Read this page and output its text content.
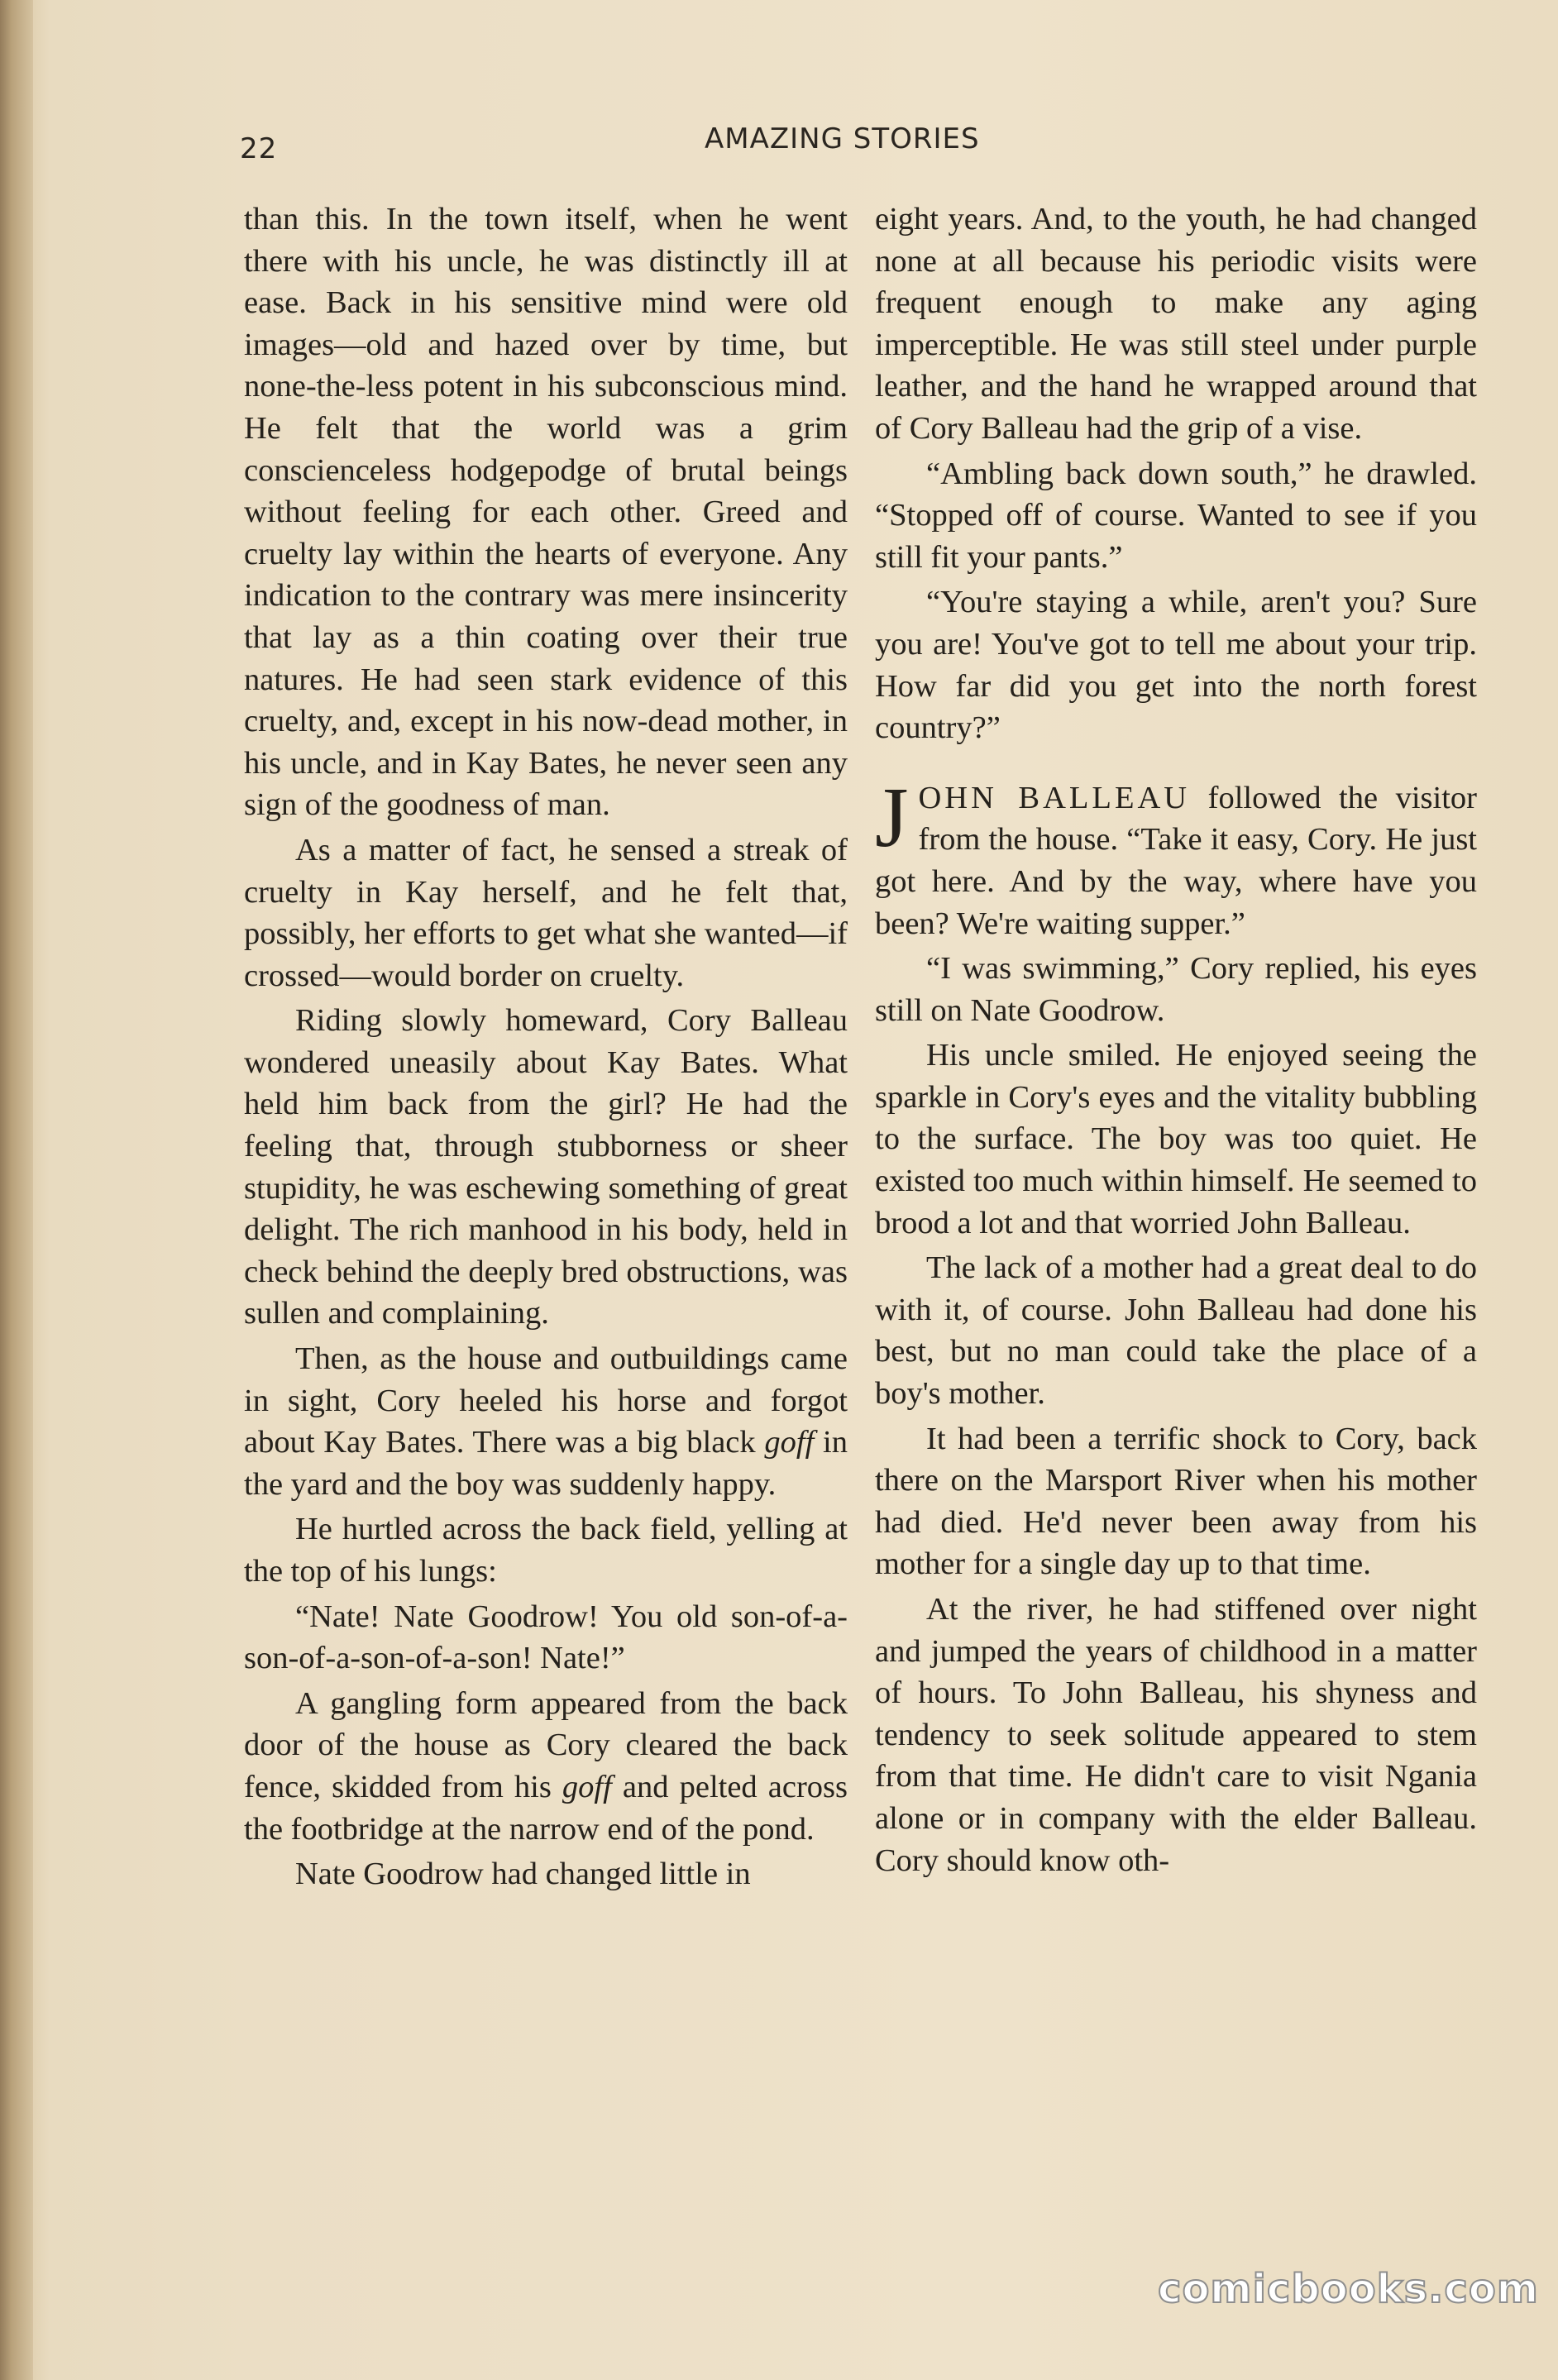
22	AMAZING STORIES

than this. In the town itself, when he went there with his uncle, he was distinctly ill at ease. Back in his sensitive mind were old images—old and hazed over by time, but none-the-less potent in his subconscious mind. He felt that the world was a grim conscienceless hodgepodge of brutal beings without feeling for each other. Greed and cruelty lay within the hearts of everyone. Any indication to the contrary was mere insincerity that lay as a thin coating over their true natures. He had seen stark evidence of this cruelty, and, except in his now-dead mother, in his uncle, and in Kay Bates, he never seen any sign of the goodness of man.

As a matter of fact, he sensed a streak of cruelty in Kay herself, and he felt that, possibly, her efforts to get what she wanted—if crossed—would border on cruelty.

Riding slowly homeward, Cory Balleau wondered uneasily about Kay Bates. What held him back from the girl? He had the feeling that, through stubborness or sheer stupidity, he was eschewing something of great delight. The rich manhood in his body, held in check behind the deeply bred obstructions, was sullen and complaining.

Then, as the house and outbuildings came in sight, Cory heeled his horse and forgot about Kay Bates. There was a big black goff in the yard and the boy was suddenly happy.

He hurtled across the back field, yelling at the top of his lungs:

“Nate! Nate Goodrow! You old son-of-a-son-of-a-son-of-a-son! Nate!”

A gangling form appeared from the back door of the house as Cory cleared the back fence, skidded from his goff and pelted across the footbridge at the narrow end of the pond.

Nate Goodrow had changed little in

eight years. And, to the youth, he had changed none at all because his periodic visits were frequent enough to make any aging imperceptible. He was still steel under purple leather, and the hand he wrapped around that of Cory Balleau had the grip of a vise.

“Ambling back down south,” he drawled. “Stopped off of course. Wanted to see if you still fit your pants.”

“You're staying a while, aren't you? Sure you are! You've got to tell me about your trip. How far did you get into the north forest country?”

JOHN BALLEAU followed the visitor from the house. “Take it easy, Cory. He just got here. And by the way, where have you been? We're waiting supper.”

“I was swimming,” Cory replied, his eyes still on Nate Goodrow.

His uncle smiled. He enjoyed seeing the sparkle in Cory's eyes and the vitality bubbling to the surface. The boy was too quiet. He existed too much within himself. He seemed to brood a lot and that worried John Balleau.

The lack of a mother had a great deal to do with it, of course. John Balleau had done his best, but no man could take the place of a boy's mother.

It had been a terrific shock to Cory, back there on the Marsport River when his mother had died. He'd never been away from his mother for a single day up to that time.

At the river, he had stiffened over night and jumped the years of childhood in a matter of hours. To John Balleau, his shyness and tendency to seek solitude appeared to stem from that time. He didn't care to visit Ngania alone or in company with the elder Balleau. Cory should know oth-

comicbooks.com
